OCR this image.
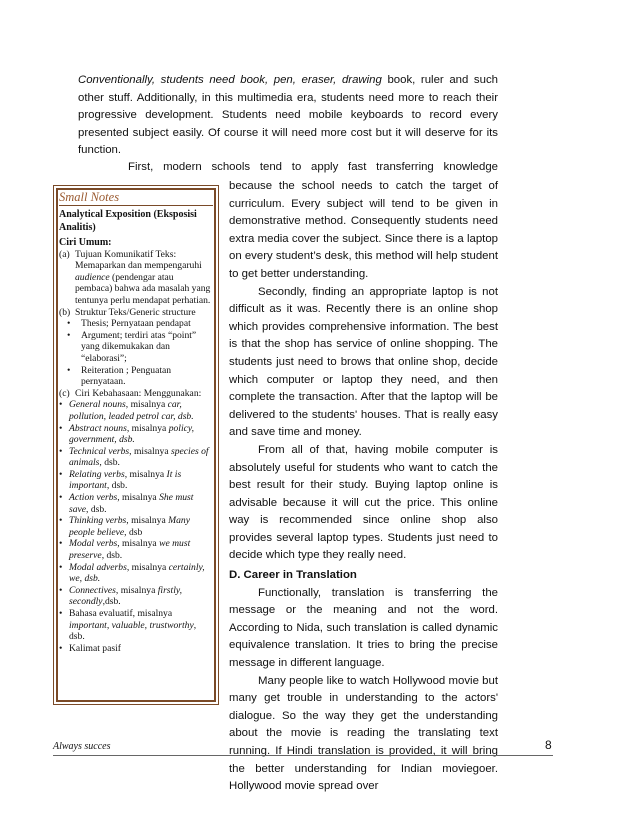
Conventionally, students need book, pen, eraser, drawing book, ruler and such other stuff. Additionally, in this multimedia era, students need more to reach their progressive development. Students need mobile keyboards to record every presented subject easily. Of course it will need more cost but it will deserve for its function.
First, modern schools tend to apply fast transferring knowledge
Small Notes
Analytical Exposition (Eksposisi Analitis)
Ciri Umum:
(a) Tujuan Komunikatif Teks: Memaparkan dan mempengaruhi audience (pendengar atau pembaca) bahwa ada masalah yang tentunya perlu mendapat perhatian.
(b) Struktur Teks/Generic structure
• Thesis; Pernyataan pendapat
• Argument; terdiri atas “point” yang dikemukakan dan “elaborasi”;
• Reiteration ; Penguatan pernyataan.
(c) Ciri Kebahasaan: Menggunakan:
• General nouns, misalnya car, pollution, leaded petrol car, dsb.
• Abstract nouns, misalnya policy, government, dsb.
• Technical verbs, misalnya species of animals, dsb.
• Relating verbs, misalnya It is important, dsb.
• Action verbs, misalnya She must save, dsb.
• Thinking verbs, misalnya Many people believe, dsb
• Modal verbs, misalnya we must preserve, dsb.
• Modal adverbs, misalnya certainly, we, dsb.
• Connectives, misalnya firstly, secondly,dsb.
• Bahasa evaluatif, misalnya important, valuable, trustworthy, dsb.
• Kalimat pasif

because the school needs to catch the target of curriculum. Every subject will tend to be given in demonstrative method. Consequently students need extra media cover the subject. Since there is a laptop on every student’s desk, this method will help student to get better understanding.

Secondly, finding an appropriate laptop is not difficult as it was. Recently there is an online shop which provides comprehensive information. The best is that the shop has service of online shopping. The students just need to brows that online shop, decide which computer or laptop they need, and then complete the transaction. After that the laptop will be delivered to the students' houses. That is really easy and save time and money.

From all of that, having mobile computer is absolutely useful for students who want to catch the best result for their study. Buying laptop online is advisable because it will cut the price. This online way is recommended since online shop also provides several laptop types. Students just need to decide which type they really need.

D. Career in Translation

Functionally, translation is transferring the message or the meaning and not the word. According to Nida, such translation is called dynamic equivalence translation. It tries to bring the precise message in different language.

Many people like to watch Hollywood movie but many get trouble in understanding to the actors' dialogue. So the way they get the understanding about the movie is reading the translating text running. If Hindi translation is provided, it will bring the better understanding for Indian moviegoer. Hollywood movie spread over

Always succes	8
